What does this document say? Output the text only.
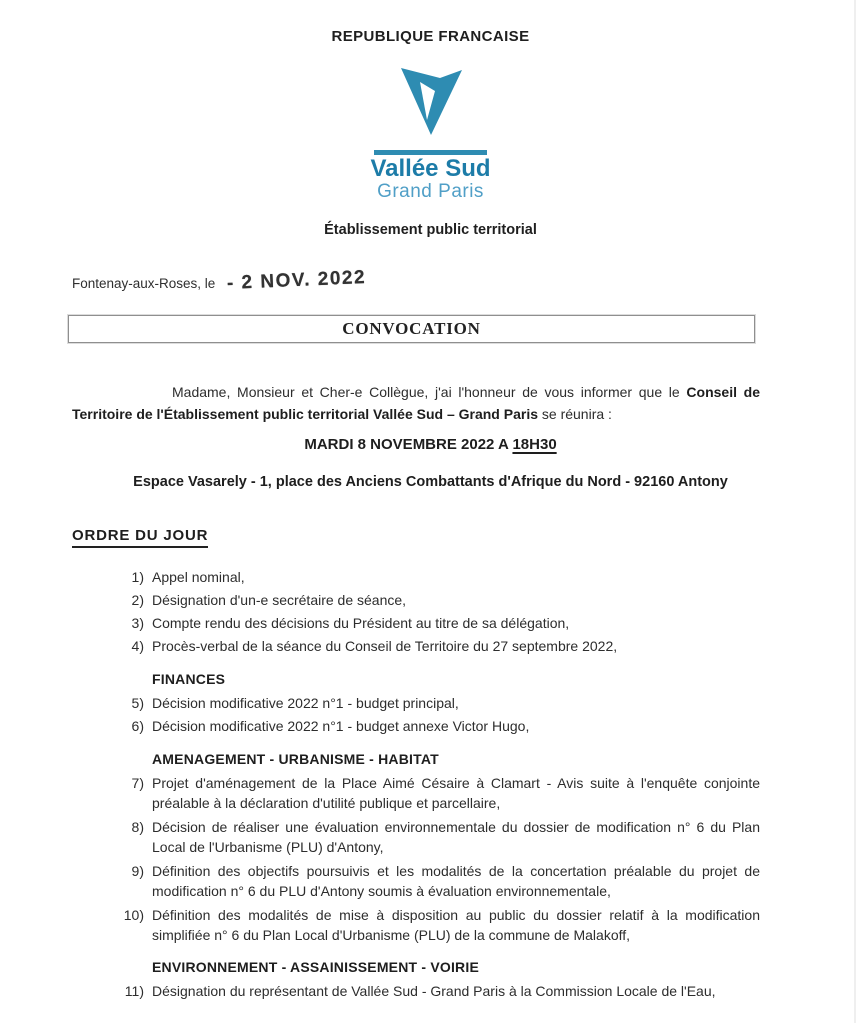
REPUBLIQUE FRANCAISE
Vallée Sud
Grand Paris
Établissement public territorial
Fontenay-aux-Roses, le - 2 NOV. 2022
CONVOCATION

Madame, Monsieur et Cher-e Collègue, j'ai l'honneur de vous informer que le Conseil de Territoire de l'Établissement public territorial Vallée Sud – Grand Paris se réunira :

MARDI 8 NOVEMBRE 2022 A 18H30
Espace Vasarely - 1, place des Anciens Combattants d'Afrique du Nord - 92160 Antony
ORDRE DU JOUR
1) Appel nominal,
2) Désignation d'un-e secrétaire de séance,
3) Compte rendu des décisions du Président au titre de sa délégation,
4) Procès-verbal de la séance du Conseil de Territoire du 27 septembre 2022,
FINANCES
5) Décision modificative 2022 n°1 - budget principal,
6) Décision modificative 2022 n°1 - budget annexe Victor Hugo,
AMENAGEMENT - URBANISME - HABITAT
7) Projet d'aménagement de la Place Aimé Césaire à Clamart - Avis suite à l'enquête conjointe préalable à la déclaration d'utilité publique et parcellaire,
8) Décision de réaliser une évaluation environnementale du dossier de modification n° 6 du Plan Local de l'Urbanisme (PLU) d'Antony,
9) Définition des objectifs poursuivis et les modalités de la concertation préalable du projet de modification n° 6 du PLU d'Antony soumis à évaluation environnementale,
10) Définition des modalités de mise à disposition au public du dossier relatif à la modification simplifiée n° 6 du Plan Local d'Urbanisme (PLU) de la commune de Malakoff,
ENVIRONNEMENT - ASSAINISSEMENT - VOIRIE
11) Désignation du représentant de Vallée Sud - Grand Paris à la Commission Locale de l'Eau,
